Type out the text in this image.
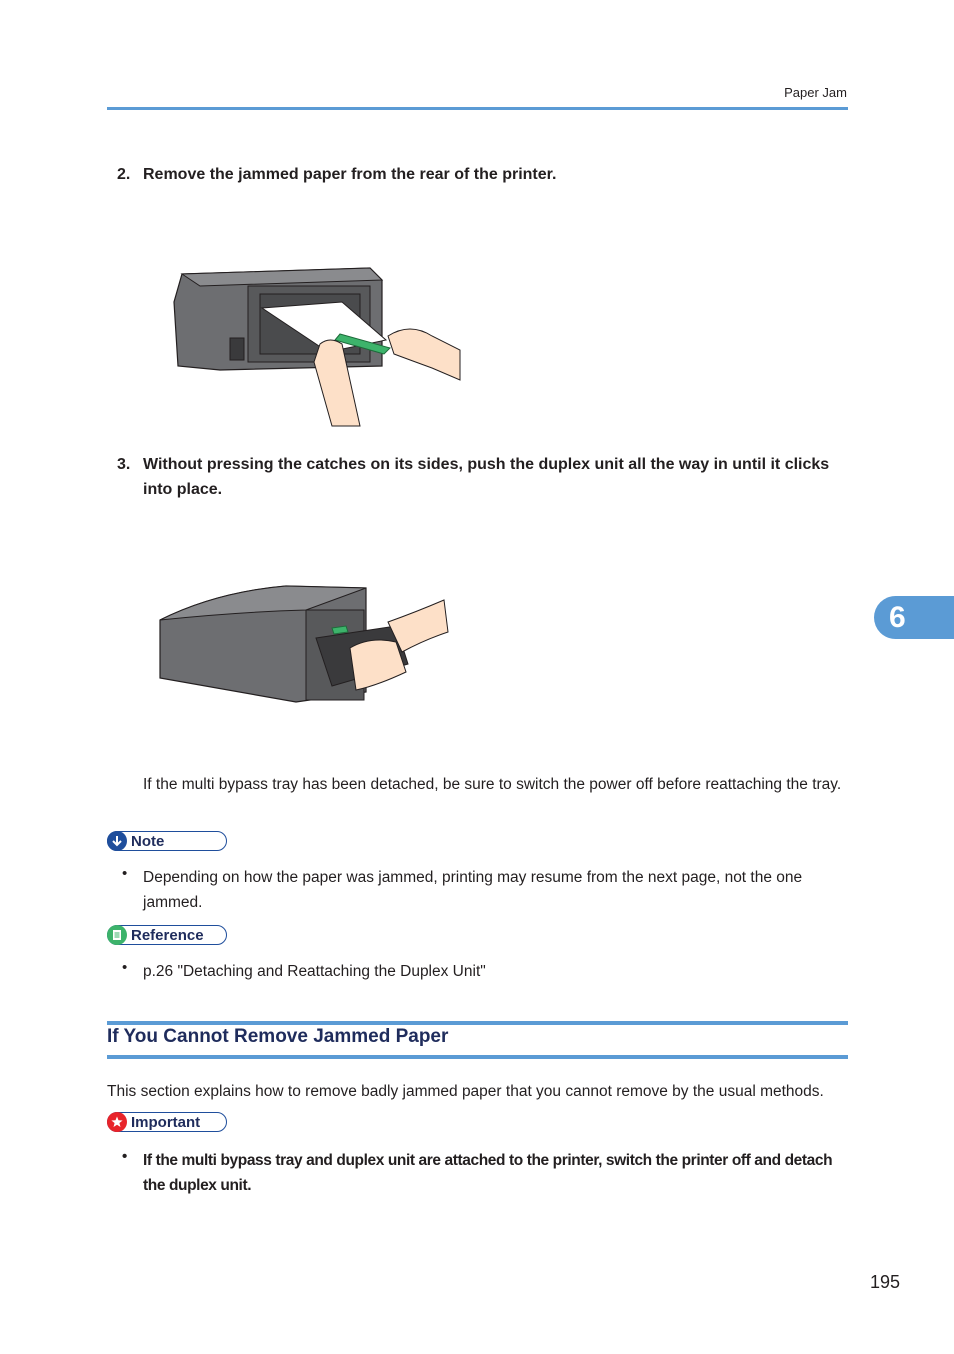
Paper Jam
2. Remove the jammed paper from the rear of the printer.
3. Without pressing the catches on its sides, push the duplex unit all the way in until it clicks into place.
If the multi bypass tray has been detached, be sure to switch the power off before reattaching the tray.
Note
• Depending on how the paper was jammed, printing may resume from the next page, not the one jammed.
Reference
• p.26 "Detaching and Reattaching the Duplex Unit"
If You Cannot Remove Jammed Paper
This section explains how to remove badly jammed paper that you cannot remove by the usual methods.
Important
• If the multi bypass tray and duplex unit are attached to the printer, switch the printer off and detach the duplex unit.
6
195
